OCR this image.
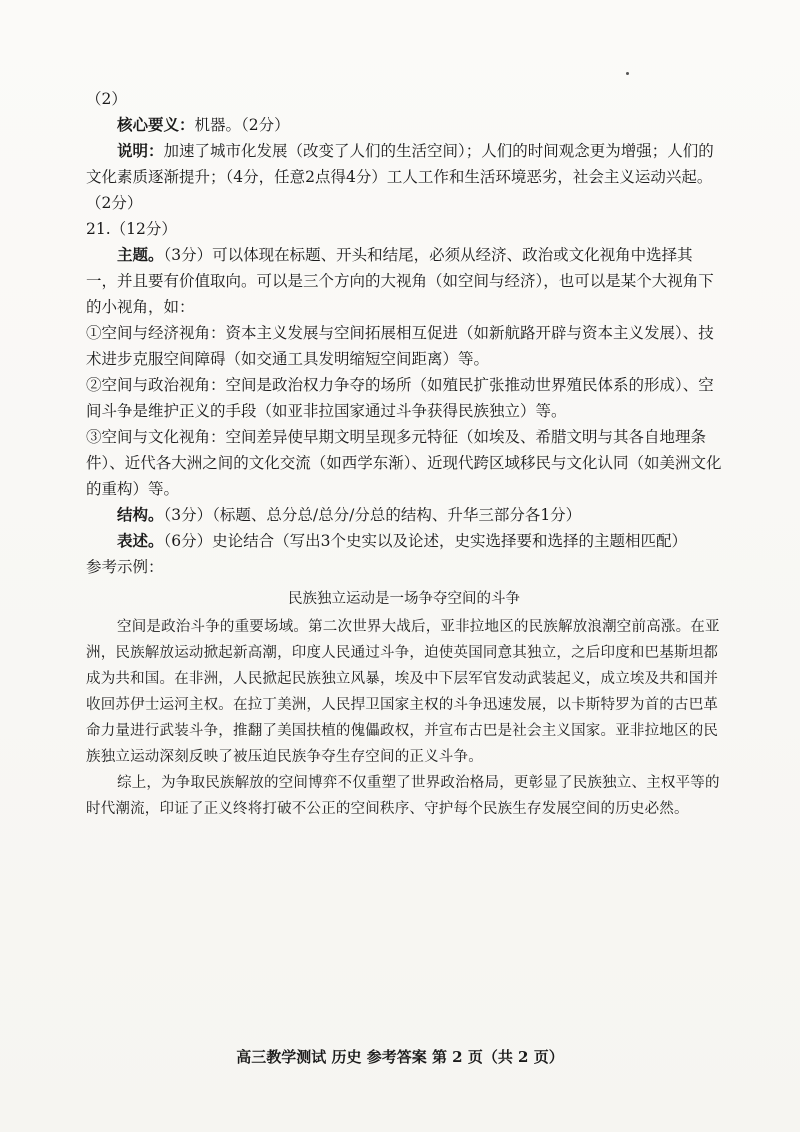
（2）

核心要义：机器。（2分）

说明：加速了城市化发展（改变了人们的生活空间）；人们的时间观念更为增强；人们的文化素质逐渐提升；（4分，任意2点得4分）工人工作和生活环境恶劣，社会主义运动兴起。（2分）

21.（12分）

主题。（3分）可以体现在标题、开头和结尾，必须从经济、政治或文化视角中选择其一，并且要有价值取向。可以是三个方向的大视角（如空间与经济），也可以是某个大视角下的小视角，如：

①空间与经济视角：资本主义发展与空间拓展相互促进（如新航路开辟与资本主义发展）、技术进步克服空间障碍（如交通工具发明缩短空间距离）等。

②空间与政治视角：空间是政治权力争夺的场所（如殖民扩张推动世界殖民体系的形成）、空间斗争是维护正义的手段（如亚非拉国家通过斗争获得民族独立）等。

③空间与文化视角：空间差异使早期文明呈现多元特征（如埃及、希腊文明与其各自地理条件）、近代各大洲之间的文化交流（如西学东渐）、近现代跨区域移民与文化认同（如美洲文化的重构）等。

结构。（3分）（标题、总分总/总分/分总的结构、升华三部分各1分）

表述。（6分）史论结合（写出3个史实以及论述，史实选择要和选择的主题相匹配）

参考示例：

民族独立运动是一场争夺空间的斗争

空间是政治斗争的重要场域。第二次世界大战后，亚非拉地区的民族解放浪潮空前高涨。在亚洲，民族解放运动掀起新高潮，印度人民通过斗争，迫使英国同意其独立，之后印度和巴基斯坦都成为共和国。在非洲，人民掀起民族独立风暴，埃及中下层军官发动武装起义，成立埃及共和国并收回苏伊士运河主权。在拉丁美洲，人民捍卫国家主权的斗争迅速发展，以卡斯特罗为首的古巴革命力量进行武装斗争，推翻了美国扶植的傀儡政权，并宣布古巴是社会主义国家。亚非拉地区的民族独立运动深刻反映了被压迫民族争夺生存空间的正义斗争。

综上，为争取民族解放的空间博弈不仅重塑了世界政治格局，更彰显了民族独立、主权平等的时代潮流，印证了正义终将打破不公正的空间秩序、守护每个民族生存发展空间的历史必然。

高三教学测试 历史 参考答案 第 2 页（共 2 页）
